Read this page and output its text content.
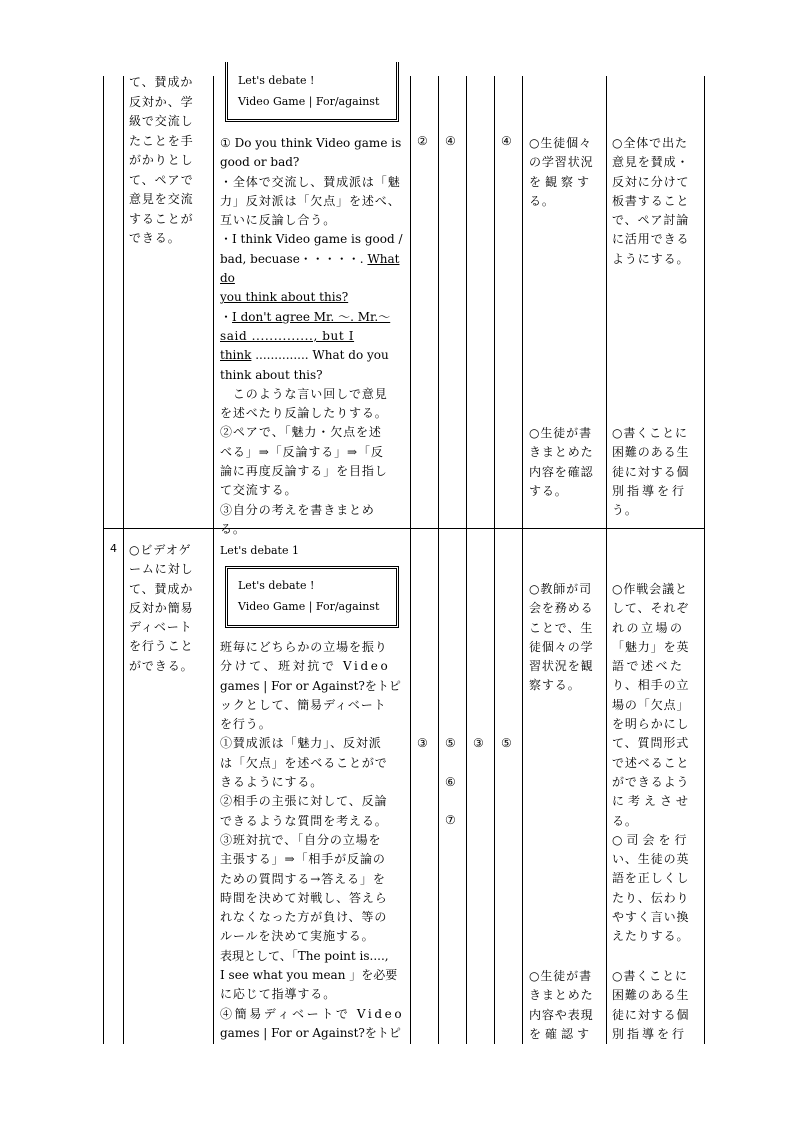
て、賛成か
反対か、学
級で交流し
たことを手
がかりとし
て、ペアで
意見を交流
することが
できる。
Let's debate !
Video Game | For/against
① Do you think Video game is
good or bad?
・全体で交流し、賛成派は「魅
力」反対派は「欠点」を述べ、
互いに反論し合う。
・I think Video game is good /
bad, becuase・・・・・. What do
you think about this?
・I don't agree Mr. 〜. Mr.〜
said .............., but I
think .............. What do you
think about this?
　このような言い回しで意見
を述べたり反論したりする。
②ペアで、「魅力・欠点を述
べる」⇒「反論する」⇒「反
論に再度反論する」を目指し
て交流する。
③自分の考えを書きまとめ
る。
② ④	④ ○生徒個々
の学習状況
を観察す
る。
○生徒が書
きまとめた
内容を確認
する。
○全体で出た
意見を賛成・
反対に分けて
板書すること
で、ペア討論
に活用できる
ようにする。
○書くことに
困難のある生
徒に対する個
別指導を行
う。
4 ○ビデオゲ
ームに対し
て、賛成か
反対か簡易
ディベート
を行うこと
ができる。
Let's debate 1
Let's debate !
Video Game | For/against
班毎にどちらかの立場を振り
分けて、班対抗で Video
games | For or Against?をトピ
ックとして、簡易ディベート
を行う。
①賛成派は「魅力」、反対派
は「欠点」を述べることがで
きるようにする。
②相手の主張に対して、反論
できるような質問を考える。
③班対抗で、「自分の立場を
主張する」⇒「相手が反論の
ための質問する→答える」を
時間を決めて対戦し、答えら
れなくなった方が負け、等の
ルールを決めて実施する。
表現として、「The point is....,
I see what you mean 」を必要
に応じて指導する。
④簡易ディベートで Video
games | For or Against?をトピ
③ ⑤
⑥
⑦
③ ⑤
○教師が司
会を務める
ことで、生
徒個々の学
習状況を観
察する。
○生徒が書
きまとめた
内容や表現
を確認す
○作戦会議と
して、それぞ
れの立場の
「魅力」を英
語で述べた
り、相手の立
場の「欠点」
を明らかにし
て、質問形式
で述べること
ができるよう
に考えさせ
る。
○司会を行
い、生徒の英
語を正しくし
たり、伝わり
やすく言い換
えたりする。
○書くことに
困難のある生
徒に対する個
別指導を行
